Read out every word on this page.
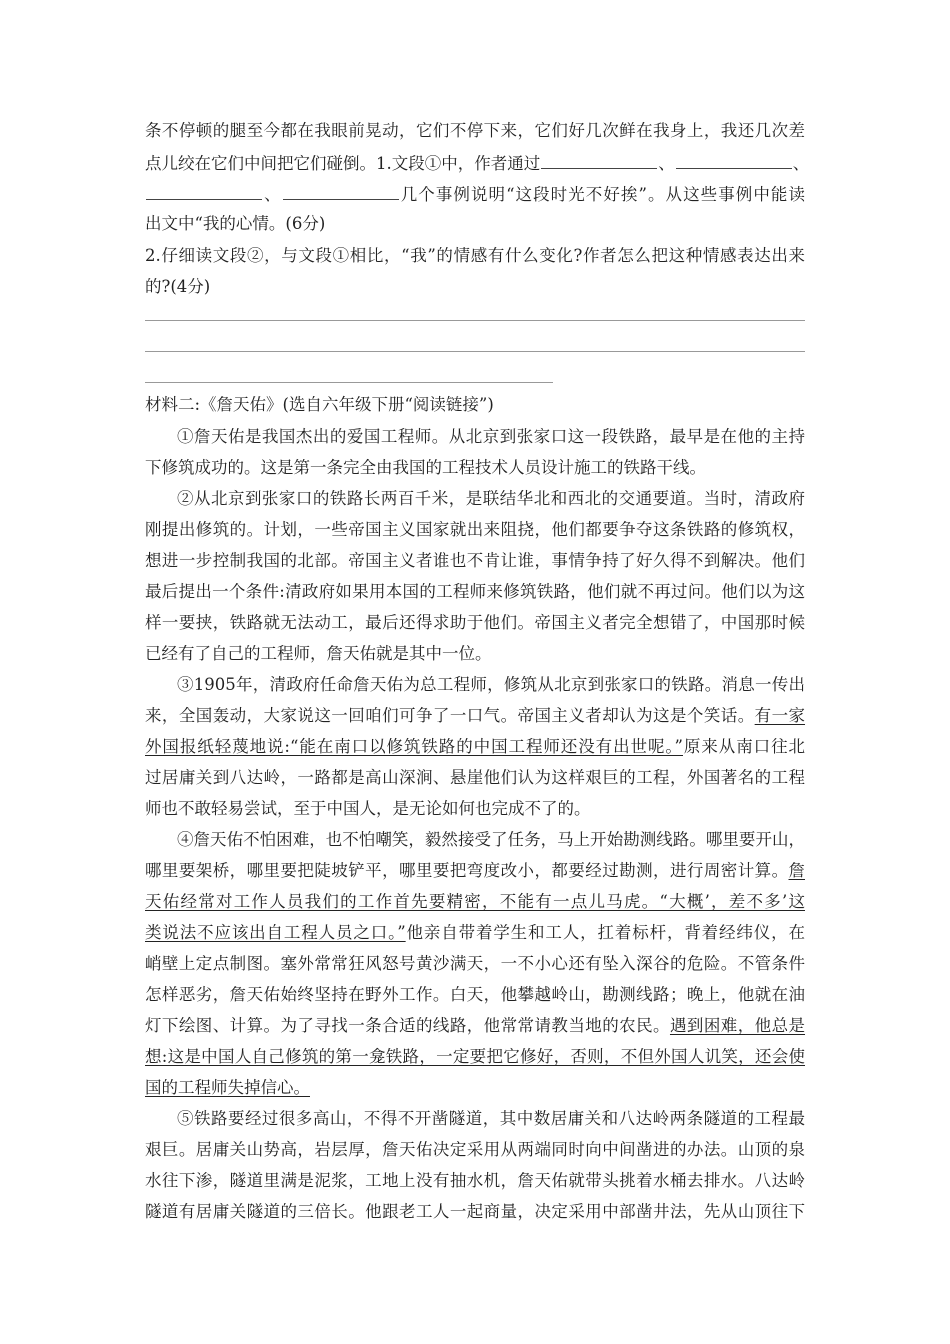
条不停顿的腿至今都在我眼前晃动，它们不停下来，它们好几次鲜在我身上，我还几次差
点儿绞在它们中间把它们碰倒。1.文段①中，作者通过	、	、
、	几个事例说明“这段时光不好挨”。从这些事例中能读
出文中“我的心情。(6分)
2.仔细读文段②，与文段①相比，“我”的情感有什么变化?作者怎么把这种情感表达出来
的?(4分)
材料二:《詹天佑》(选自六年级下册“阅读链接”)
①詹天佑是我国杰出的爱国工程师。从北京到张家口这一段铁路，最早是在他的主持
下修筑成功的。这是第一条完全由我国的工程技术人员设计施工的铁路干线。
②从北京到张家口的铁路长两百千米，是联结华北和西北的交通要道。当时，清政府
刚提出修筑的。计划，一些帝国主义国家就出来阻挠，他们都要争夺这条铁路的修筑权，
想进一步控制我国的北部。帝国主义者谁也不肯让谁，事情争持了好久得不到解决。他们
最后提出一个条件:清政府如果用本国的工程师来修筑铁路，他们就不再过问。他们以为这
样一要挟，铁路就无法动工，最后还得求助于他们。帝国主义者完全想错了，中国那时候
已经有了自己的工程师，詹天佑就是其中一位。
③1905年，清政府任命詹天佑为总工程师，修筑从北京到张家口的铁路。消息一传出
来，全国轰动，大家说这一回咱们可争了一口气。帝国主义者却认为这是个笑话。有一家
外国报纸轻蔑地说:“能在南口以修筑铁路的中国工程师还没有出世呢。”原来从南口往北
过居庸关到八达岭，一路都是高山深涧、悬崖他们认为这样艰巨的工程，外国著名的工程
师也不敢轻易尝试，至于中国人，是无论如何也完成不了的。
④詹天佑不怕困难，也不怕嘲笑，毅然接受了任务，马上开始勘测线路。哪里要开山，
哪里要架桥，哪里要把陡坡铲平，哪里要把弯度改小，都要经过勘测，进行周密计算。詹
天佑经常对工作人员我们的工作首先要精密，不能有一点儿马虎。“大概’，差不多’这
类说法不应该出自工程人员之口。”他亲自带着学生和工人，扛着标杆，背着经纬仪，在
峭壁上定点制图。塞外常常狂风怒号黄沙满天，一不小心还有坠入深谷的危险。不管条件
怎样恶劣，詹天佑始终坚持在野外工作。白天，他攀越岭山，勘测线路；晚上，他就在油
灯下绘图、计算。为了寻找一条合适的线路，他常常请教当地的农民。遇到困难，他总是
想:这是中国人自己修筑的第一龛铁路，一定要把它修好，否则，不但外国人讥笑，还会使
国的工程师失掉信心。
⑤铁路要经过很多高山，不得不开凿隧道，其中数居庸关和八达岭两条隧道的工程最
艰巨。居庸关山势高，岩层厚，詹天佑决定采用从两端同时向中间凿进的办法。山顶的泉
水往下渗，隧道里满是泥浆，工地上没有抽水机，詹天佑就带头挑着水桶去排水。八达岭
隧道有居庸关隧道的三倍长。他跟老工人一起商量，决定采用中部凿井法，先从山顶往下
